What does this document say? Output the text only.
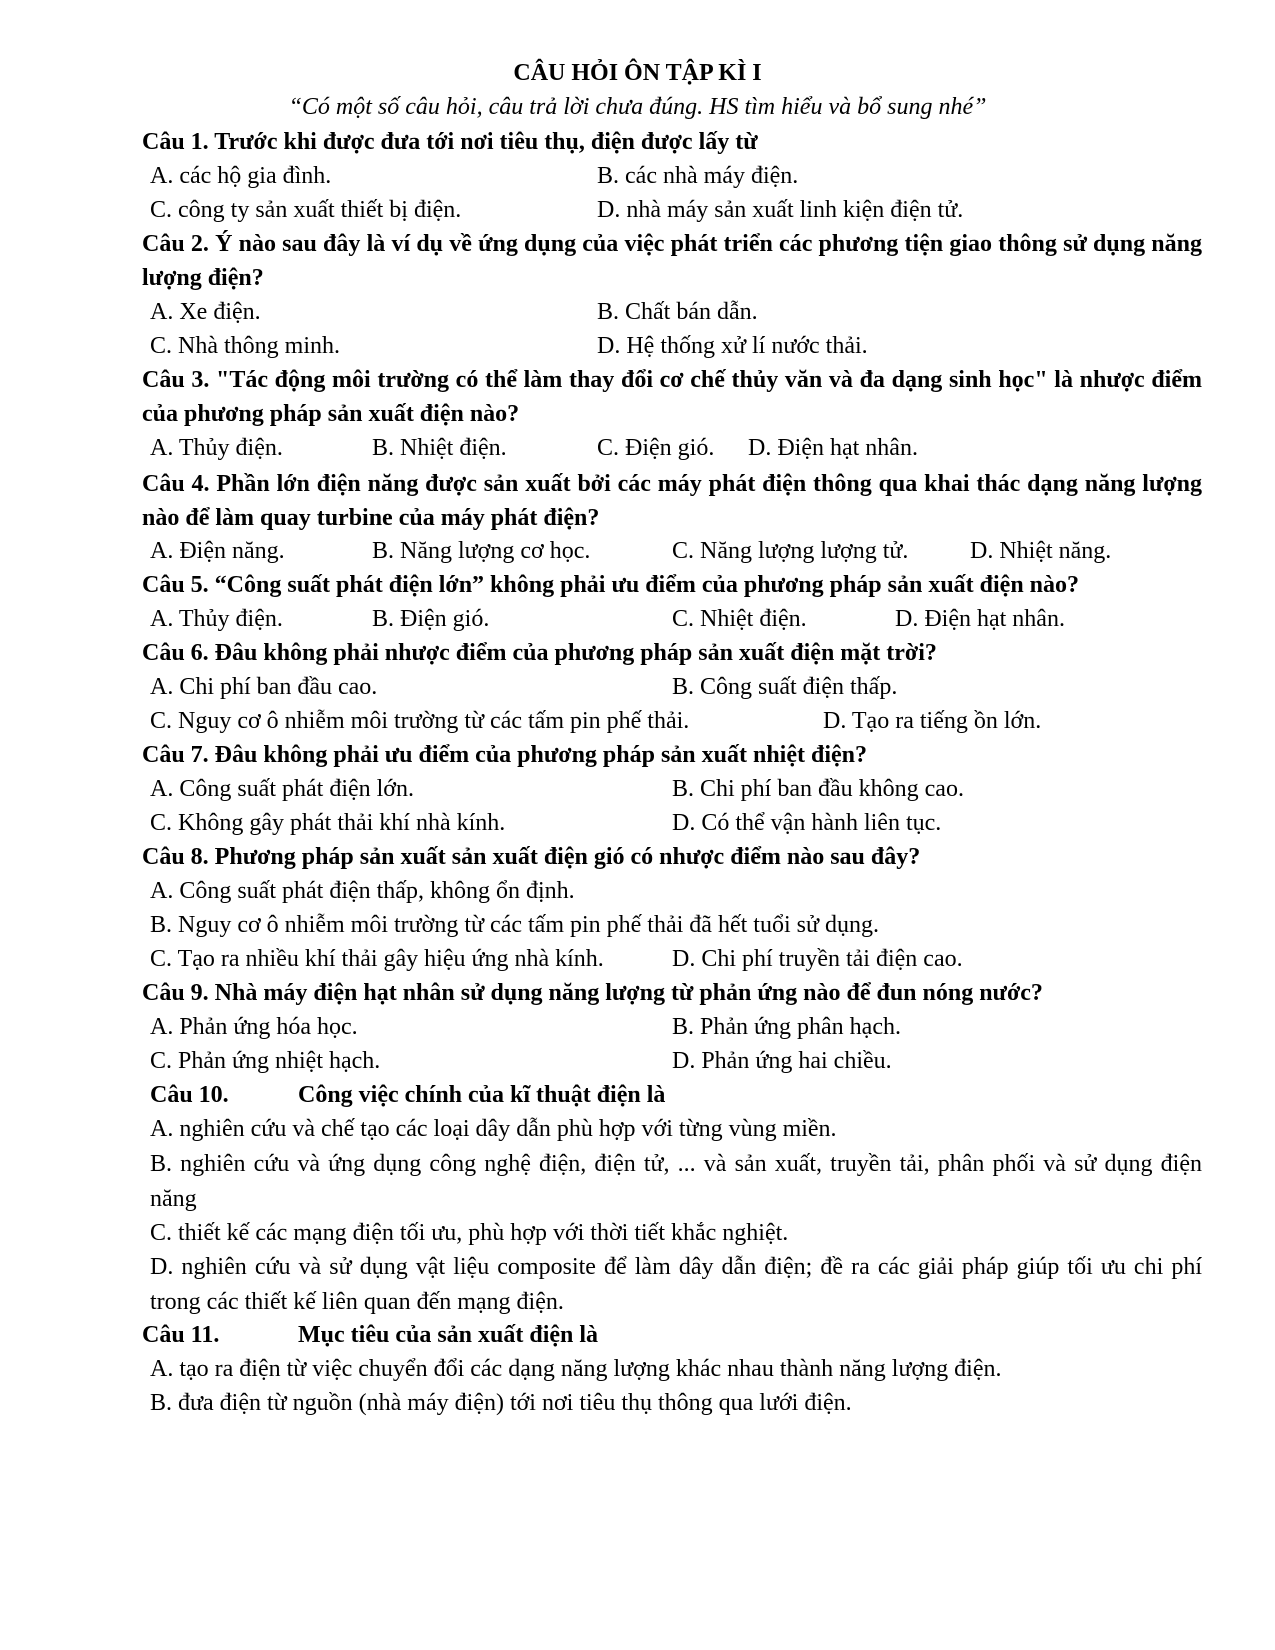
CÂU HỎI ÔN TẬP KÌ I
“Có một số câu hỏi, câu trả lời chưa đúng. HS tìm hiểu và bổ sung nhé”
Câu 1. Trước khi được đưa tới nơi tiêu thụ, điện được lấy từ
A. các hộ gia đình.	B. các nhà máy điện.
C. công ty sản xuất thiết bị điện.	D. nhà máy sản xuất linh kiện điện tử.
Câu 2. Ý nào sau đây là ví dụ về ứng dụng của việc phát triển các phương tiện giao thông sử dụng năng lượng điện?
A. Xe điện.	B. Chất bán dẫn.
C. Nhà thông minh.	D. Hệ thống xử lí nước thải.
Câu 3. "Tác động môi trường có thể làm thay đổi cơ chế thủy văn và đa dạng sinh học" là nhược điểm của phương pháp sản xuất điện nào?
A. Thủy điện.	B. Nhiệt điện.	C. Điện gió. D. Điện hạt nhân.
Câu 4. Phần lớn điện năng được sản xuất bởi các máy phát điện thông qua khai thác dạng năng lượng nào để làm quay turbine của máy phát điện?
A. Điện năng.	B. Năng lượng cơ học.	C. Năng lượng lượng tử.	D. Nhiệt năng.
Câu 5. “Công suất phát điện lớn” không phải ưu điểm của phương pháp sản xuất điện nào?
A. Thủy điện.	B. Điện gió.	C. Nhiệt điện.	D. Điện hạt nhân.
Câu 6. Đâu không phải nhược điểm của phương pháp sản xuất điện mặt trời?
A. Chi phí ban đầu cao.	B. Công suất điện thấp.
C. Nguy cơ ô nhiễm môi trường từ các tấm pin phế thải.	D. Tạo ra tiếng ồn lớn.
Câu 7. Đâu không phải ưu điểm của phương pháp sản xuất nhiệt điện?
A. Công suất phát điện lớn.	B. Chi phí ban đầu không cao.
C. Không gây phát thải khí nhà kính.	D. Có thể vận hành liên tục.
Câu 8. Phương pháp sản xuất sản xuất điện gió có nhược điểm nào sau đây?
A. Công suất phát điện thấp, không ổn định.
B. Nguy cơ ô nhiễm môi trường từ các tấm pin phế thải đã hết tuổi sử dụng.
C. Tạo ra nhiều khí thải gây hiệu ứng nhà kính.	D. Chi phí truyền tải điện cao.
Câu 9. Nhà máy điện hạt nhân sử dụng năng lượng từ phản ứng nào để đun nóng nước?
A. Phản ứng hóa học.	B. Phản ứng phân hạch.
C. Phản ứng nhiệt hạch.	D. Phản ứng hai chiều.
Câu 10.	Công việc chính của kĩ thuật điện là
A. nghiên cứu và chế tạo các loại dây dẫn phù hợp với từng vùng miền.
B. nghiên cứu và ứng dụng công nghệ điện, điện tử, ... và sản xuất, truyền tải, phân phối và sử dụng điện năng
C. thiết kế các mạng điện tối ưu, phù hợp với thời tiết khắc nghiệt.
D. nghiên cứu và sử dụng vật liệu composite để làm dây dẫn điện; đề ra các giải pháp giúp tối ưu chi phí trong các thiết kế liên quan đến mạng điện.
Câu 11.	Mục tiêu của sản xuất điện là
A. tạo ra điện từ việc chuyển đổi các dạng năng lượng khác nhau thành năng lượng điện.
B. đưa điện từ nguồn (nhà máy điện) tới nơi tiêu thụ thông qua lưới điện.
